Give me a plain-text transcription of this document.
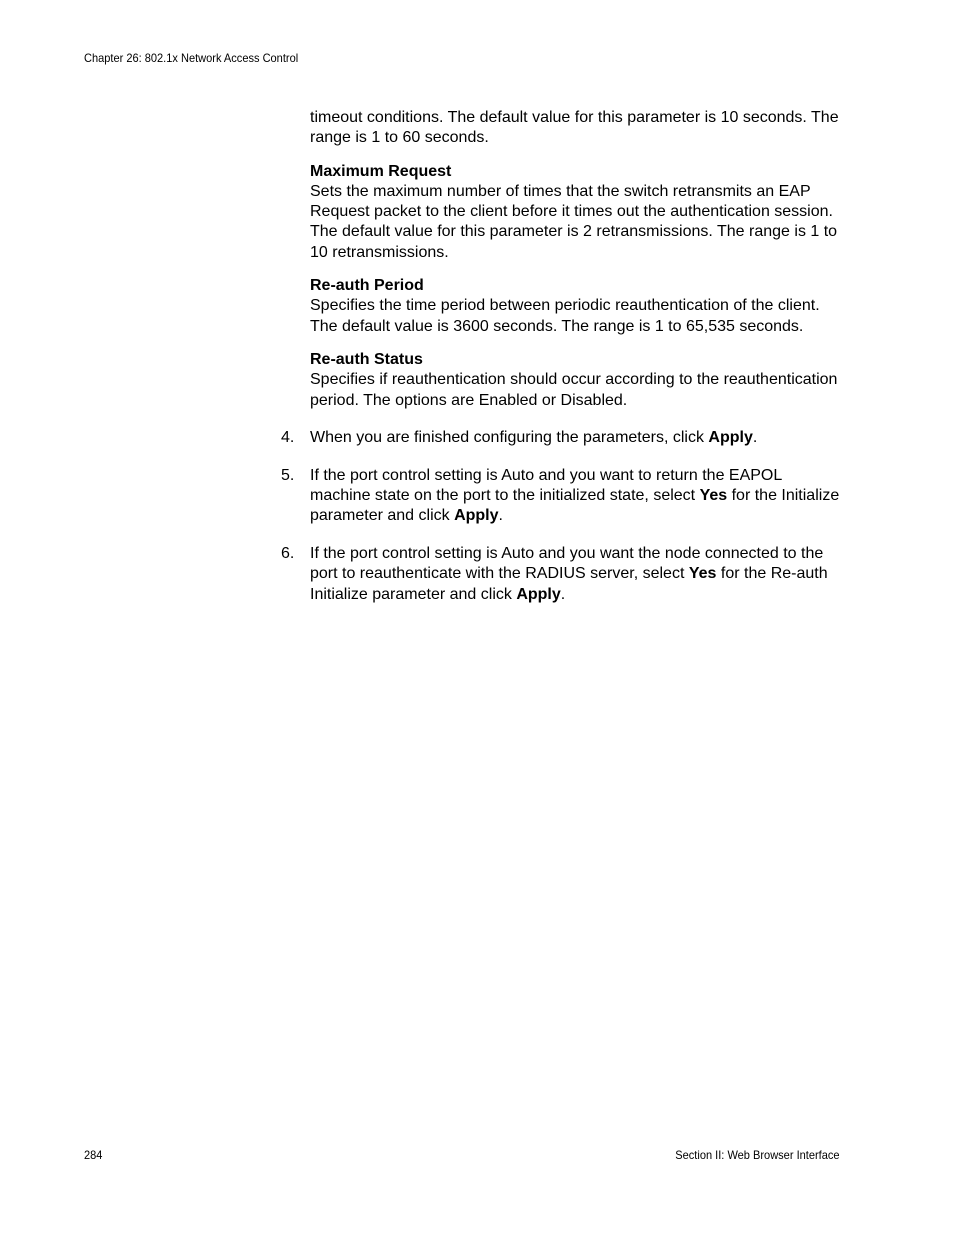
Chapter 26: 802.1x Network Access Control

timeout conditions. The default value for this parameter is 10 seconds. The range is 1 to 60 seconds.

Maximum Request
Sets the maximum number of times that the switch retransmits an EAP Request packet to the client before it times out the authentication session. The default value for this parameter is 2 retransmissions. The range is 1 to 10 retransmissions.
Re-auth Period
Specifies the time period between periodic reauthentication of the client. The default value is 3600 seconds. The range is 1 to 65,535 seconds.
Re-auth Status
Specifies if reauthentication should occur according to the reauthentication period. The options are Enabled or Disabled.
4. When you are finished configuring the parameters, click Apply.
5. If the port control setting is Auto and you want to return the EAPOL machine state on the port to the initialized state, select Yes for the Initialize parameter and click Apply.
6. If the port control setting is Auto and you want the node connected to the port to reauthenticate with the RADIUS server, select Yes for the Re-auth Initialize parameter and click Apply.
284	Section II: Web Browser Interface
